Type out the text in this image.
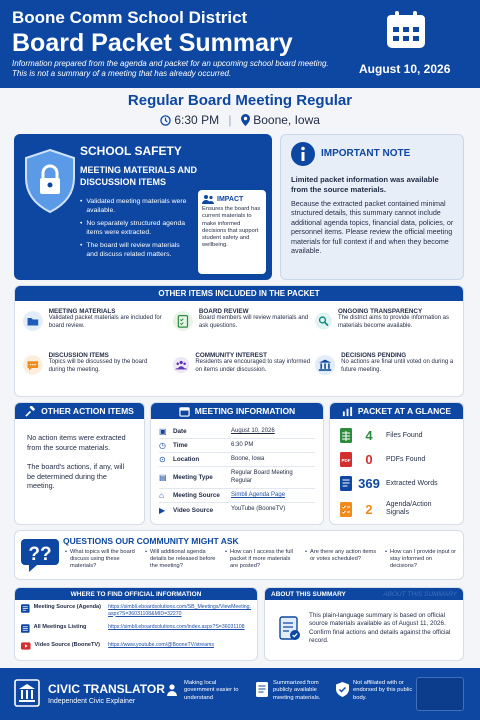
Boone Comm School District
Board Packet Summary
Information prepared from the agenda and packet for an upcoming school board meeting. This is not a summary of a meeting that has already occurred.	August 10, 2026
Regular Board Meeting Regular
6:30 PM | Boone, Iowa
SCHOOL SAFETY
MEETING MATERIALS AND DISCUSSION ITEMS
• Validated meeting materials were available.
• No separately structured agenda items were extracted.
• The board will review materials and discuss related matters.
IMPACT
Ensures the board has current materials to make informed decisions that support student safety and wellbeing.
IMPORTANT NOTE
Limited packet information was available from the source materials.
Because the extracted packet contained minimal structured details, this summary cannot include additional agenda topics, financial data, policies, or personnel items. Please review the official meeting materials for full context if and when they become available.
OTHER ITEMS INCLUDED IN THE PACKET
MEETING MATERIALS
Validated packet materials are included for board review.
BOARD REVIEW
Board members will review materials and ask questions.
ONGOING TRANSPARENCY
The district aims to provide information as materials become available.
DISCUSSION ITEMS
Topics will be discussed by the board during the meeting.
COMMUNITY INTEREST
Residents are encouraged to stay informed on items under discussion.
DECISIONS PENDING
No actions are final until voted on during a future meeting.
OTHER ACTION ITEMS
No action items were extracted from the source materials.
The board's actions, if any, will be determined during the meeting.
MEETING INFORMATION
▣	Date	August 10, 2026
◷	Time	6:30 PM
⊙	Location	Boone, Iowa
▤	Meeting Type
Regular Board Meeting Regular
⌂	Meeting Source	Simbli Agenda Page
▶	Video Source	YouTube (BooneTV)
PACKET AT A GLANCE
4	Files Found
PDF	0	PDFs Found
369 Extracted Words
2	Agenda/Action Signals
??
QUESTIONS OUR COMMUNITY MIGHT ASK
• What topics will the board discuss using these materials?
• Will additional agenda details be released before the meeting?
• How can I access the full packet if more materials are posted?
• Are there any action items or votes scheduled?
• How can I provide input or stay informed on decisions?
WHERE TO FIND OFFICIAL INFORMATION
Meeting Source (Agenda)	https://simbli.eboardsolutions.com/SB_Meetings/ViewMeeting.aspx?S=36031108&MID=32270
All Meetings Listing	https://simbli.eboardsolutions.com/index.aspx?S=36031108
Video Source (BooneTV)	https://www.youtube.com/@BooneTV/streams
ABOUT THIS SUMMARY	ABOUT THIS SUMMARY
This plain-language summary is based on official source materials available as of August 11, 2026. Confirm final actions and details against the official record.
CIVIC TRANSLATOR
Independent Civic Explainer
Making local government easier to understand
Summarized from publicly available meeting materials.
Not affiliated with or endorsed by this public body.
